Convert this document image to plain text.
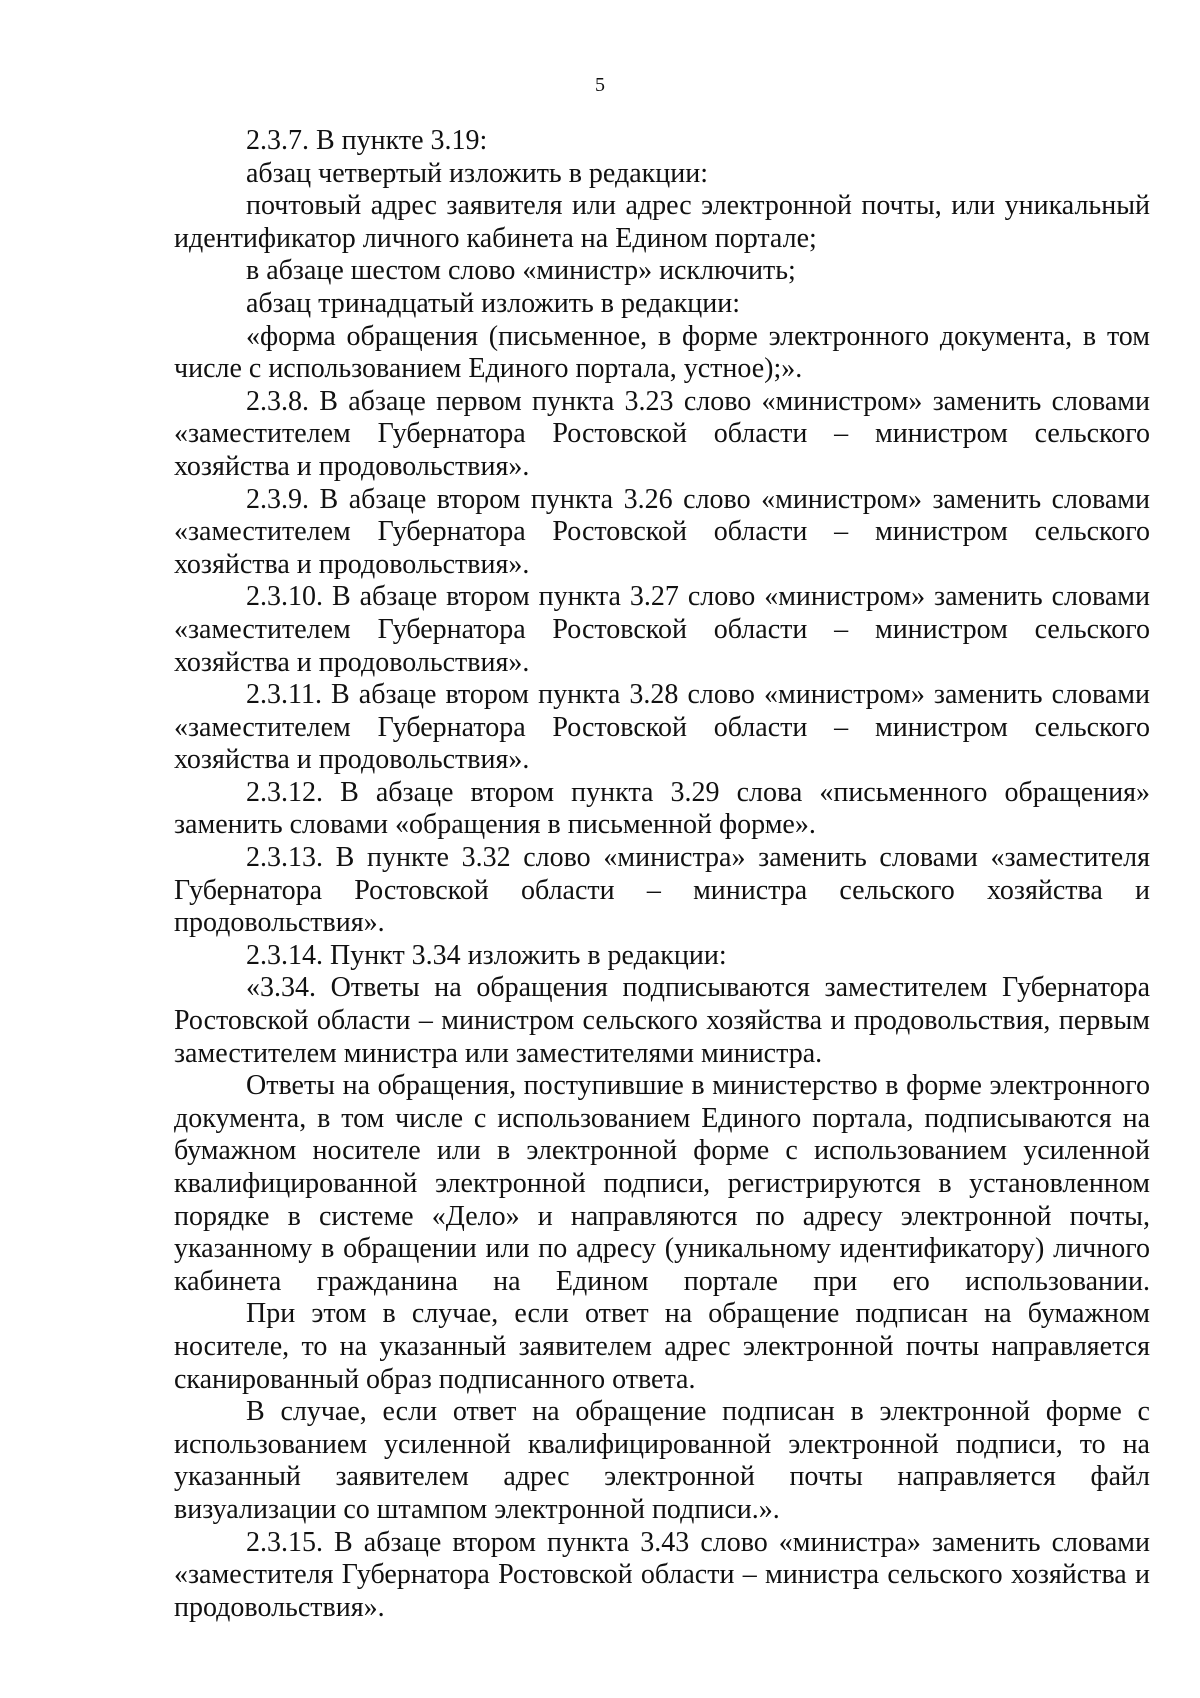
5

2.3.7. В пункте 3.19:

абзац четвертый изложить в редакции:

почтовый адрес заявителя или адрес электронной почты, или уникальный идентификатор личного кабинета на Едином портале;

в абзаце шестом слово «министр» исключить;

абзац тринадцатый изложить в редакции:

«форма обращения (письменное, в форме электронного документа, в том числе с использованием Единого портала, устное);».

2.3.8. В абзаце первом пункта 3.23 слово «министром» заменить словами «заместителем Губернатора Ростовской области – министром сельского хозяйства и продовольствия».

2.3.9. В абзаце втором пункта 3.26 слово «министром» заменить словами «заместителем Губернатора Ростовской области – министром сельского хозяйства и продовольствия».

2.3.10. В абзаце втором пункта 3.27 слово «министром» заменить словами «заместителем Губернатора Ростовской области – министром сельского хозяйства и продовольствия».

2.3.11. В абзаце втором пункта 3.28 слово «министром» заменить словами «заместителем Губернатора Ростовской области – министром сельского хозяйства и продовольствия».

2.3.12. В абзаце втором пункта 3.29 слова «письменного обращения» заменить словами «обращения в письменной форме».

2.3.13. В пункте 3.32 слово «министра» заменить словами «заместителя Губернатора Ростовской области – министра сельского хозяйства и продовольствия».

2.3.14. Пункт 3.34 изложить в редакции:

«3.34. Ответы на обращения подписываются заместителем Губернатора Ростовской области – министром сельского хозяйства и продовольствия, первым заместителем министра или заместителями министра.

Ответы на обращения, поступившие в министерство в форме электронного документа, в том числе с использованием Единого портала, подписываются на бумажном носителе или в электронной форме с использованием усиленной квалифицированной электронной подписи, регистрируются в установленном порядке в системе «Дело» и направляются по адресу электронной почты, указанному в обращении или по адресу (уникальному идентификатору) личного кабинета гражданина на Едином портале при его использовании.

При этом в случае, если ответ на обращение подписан на бумажном носителе, то на указанный заявителем адрес электронной почты направляется сканированный образ подписанного ответа.

В случае, если ответ на обращение подписан в электронной форме с использованием усиленной квалифицированной электронной подписи, то на указанный заявителем адрес электронной почты направляется файл визуализации со штампом электронной подписи.».

2.3.15. В абзаце втором пункта 3.43 слово «министра» заменить словами «заместителя Губернатора Ростовской области – министра сельского хозяйства и продовольствия».
